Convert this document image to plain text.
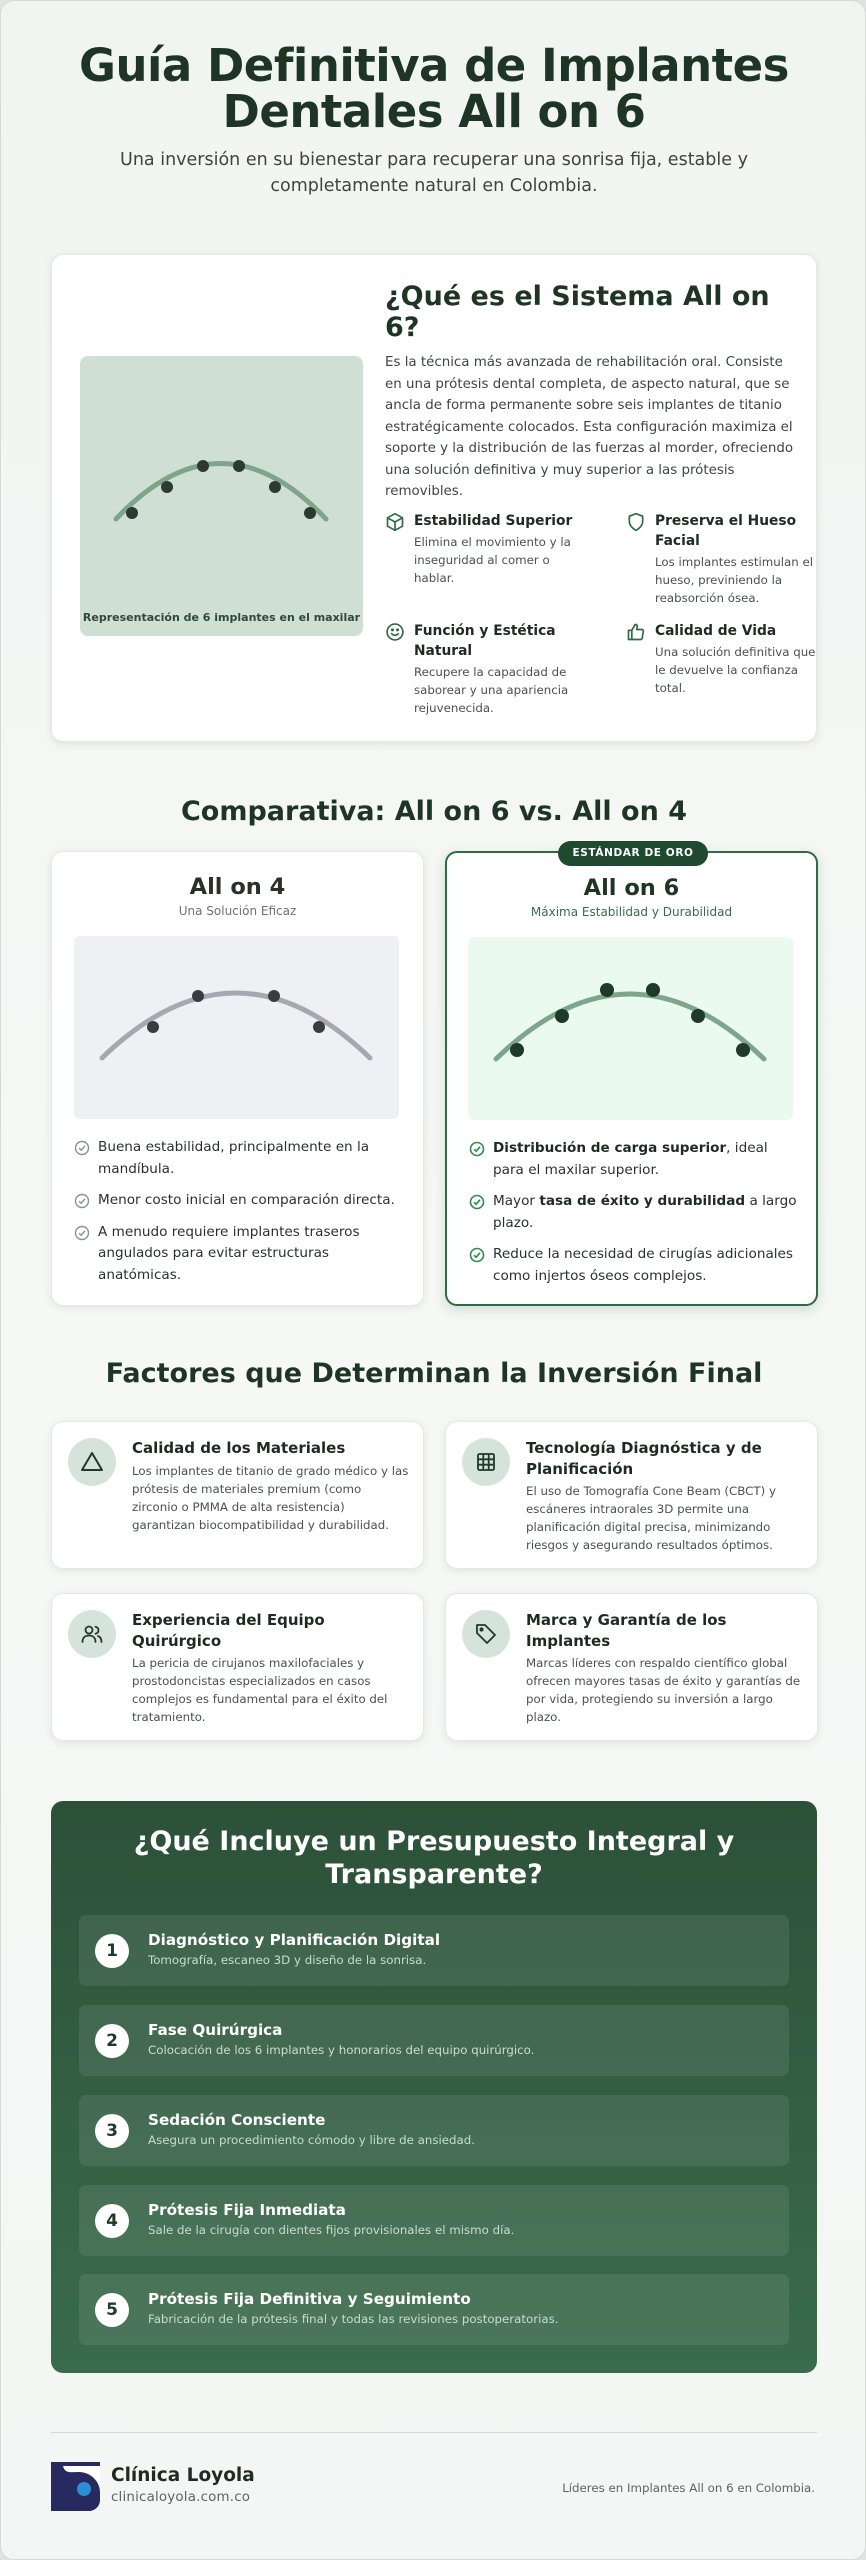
Guía Definitiva de Implantes
Dentales All on 6

Una inversión en su bienestar para recuperar una sonrisa fija, estable y completamente natural en Colombia.

Representación de 6 implantes en el maxilar
¿Qué es el Sistema All on 6?

Es la técnica más avanzada de rehabilitación oral. Consiste en una prótesis dental completa, de aspecto natural, que se ancla de forma permanente sobre seis implantes de titanio estratégicamente colocados. Esta configuración maximiza el soporte y la distribución de las fuerzas al morder, ofreciendo una solución definitiva y muy superior a las prótesis removibles.

Estabilidad Superior
Elimina el movimiento y la inseguridad al comer o hablar.
Preserva el Hueso Facial
Los implantes estimulan el hueso, previniendo la reabsorción ósea.
Función y Estética Natural
Recupere la capacidad de saborear y una apariencia rejuvenecida.
Calidad de Vida
Una solución definitiva que le devuelve la confianza total.
Comparativa: All on 6 vs. All on 4
All on 4
Una Solución Eficaz
Buena estabilidad, principalmente en la mandíbula.
Menor costo inicial en comparación directa.
A menudo requiere implantes traseros angulados para evitar estructuras anatómicas.
ESTÁNDAR DE ORO
All on 6
Máxima Estabilidad y Durabilidad
Distribución de carga superior, ideal para el maxilar superior.
Mayor tasa de éxito y durabilidad a largo plazo.
Reduce la necesidad de cirugías adicionales como injertos óseos complejos.
Factores que Determinan la Inversión Final
Calidad de los Materiales
Los implantes de titanio de grado médico y las prótesis de materiales premium (como zirconio o PMMA de alta resistencia) garantizan biocompatibilidad y durabilidad.
Tecnología Diagnóstica y de Planificación
El uso de Tomografía Cone Beam (CBCT) y escáneres intraorales 3D permite una planificación digital precisa, minimizando riesgos y asegurando resultados óptimos.
Experiencia del Equipo Quirúrgico
La pericia de cirujanos maxilofaciales y prostodoncistas especializados en casos complejos es fundamental para el éxito del tratamiento.
Marca y Garantía de los Implantes
Marcas líderes con respaldo científico global ofrecen mayores tasas de éxito y garantías de por vida, protegiendo su inversión a largo plazo.
¿Qué Incluye un Presupuesto Integral y Transparente?
1
Diagnóstico y Planificación Digital
Tomografía, escaneo 3D y diseño de la sonrisa.
2
Fase Quirúrgica
Colocación de los 6 implantes y honorarios del equipo quirúrgico.
3
Sedación Consciente
Asegura un procedimiento cómodo y libre de ansiedad.
4
Prótesis Fija Inmediata
Sale de la cirugía con dientes fijos provisionales el mismo día.
5
Prótesis Fija Definitiva y Seguimiento
Fabricación de la prótesis final y todas las revisiones postoperatorias.
Clínica Loyola
clinicaloyola.com.co
Líderes en Implantes All on 6 en Colombia.
